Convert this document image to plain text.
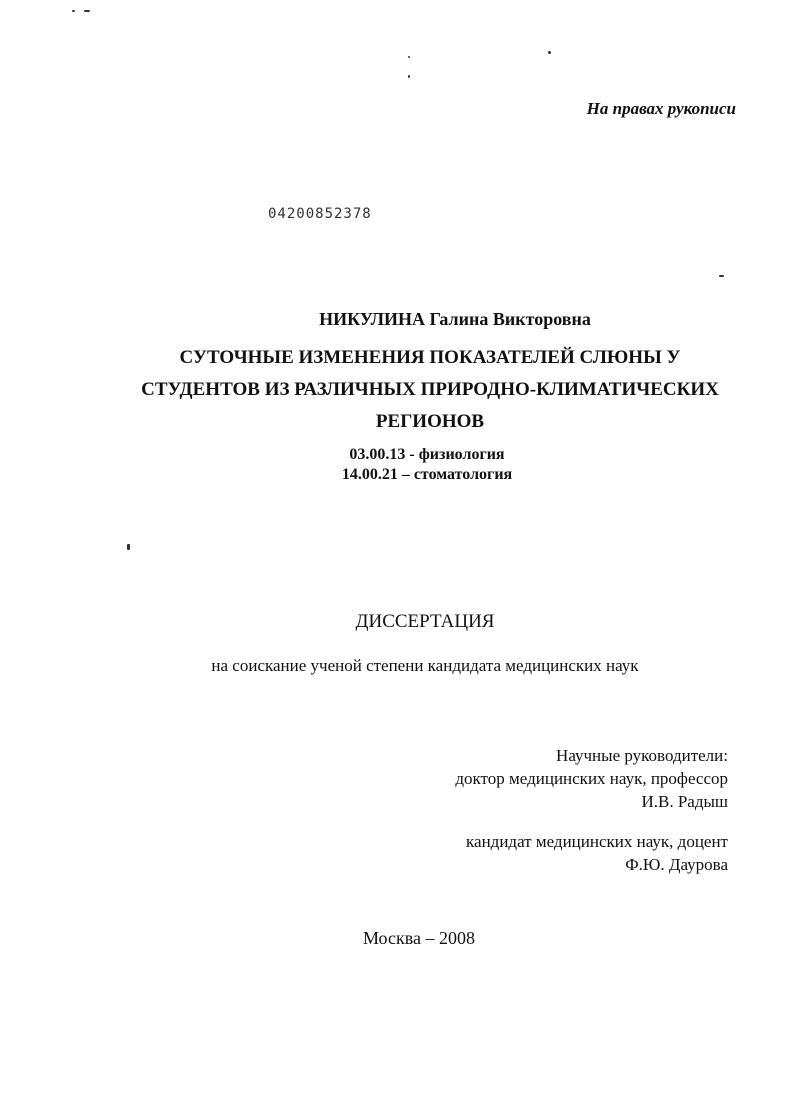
На правах рукописи
04200852378
НИКУЛИНА Галина Викторовна
СУТОЧНЫЕ ИЗМЕНЕНИЯ ПОКАЗАТЕЛЕЙ СЛЮНЫ У
СТУДЕНТОВ ИЗ РАЗЛИЧНЫХ ПРИРОДНО-КЛИМАТИЧЕСКИХ
РЕГИОНОВ
03.00.13 - физиология
14.00.21 – стоматология
ДИССЕРТАЦИЯ
на соискание ученой степени кандидата медицинских наук
Научные руководители:
доктор медицинских наук, профессор
И.В. Радыш
кандидат медицинских наук, доцент
Ф.Ю. Даурова
Москва – 2008
